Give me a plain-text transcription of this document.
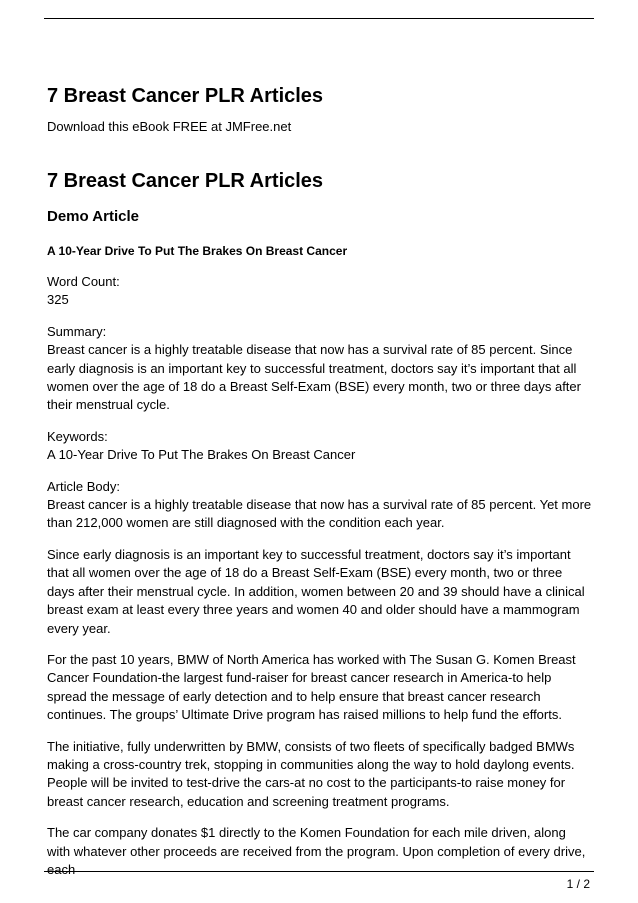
7 Breast Cancer PLR Articles

Download this eBook FREE at JMFree.net

7 Breast Cancer PLR Articles
Demo Article
A 10-Year Drive To Put The Brakes On Breast Cancer

Word Count:

325

Summary:

Breast cancer is a highly treatable disease that now has a survival rate of 85 percent. Since early diagnosis is an important key to successful treatment, doctors say it’s important that all women over the age of 18 do a Breast Self-Exam (BSE) every month, two or three days after their menstrual cycle.

Keywords:

A 10-Year Drive To Put The Brakes On Breast Cancer

Article Body:

Breast cancer is a highly treatable disease that now has a survival rate of 85 percent. Yet more than 212,000 women are still diagnosed with the condition each year.

Since early diagnosis is an important key to successful treatment, doctors say it’s important that all women over the age of 18 do a Breast Self-Exam (BSE) every month, two or three days after their menstrual cycle. In addition, women between 20 and 39 should have a clinical breast exam at least every three years and women 40 and older should have a mammogram every year.

For the past 10 years, BMW of North America has worked with The Susan G. Komen Breast Cancer Foundation-the largest fund-raiser for breast cancer research in America-to help spread the message of early detection and to help ensure that breast cancer research continues. The groups’ Ultimate Drive program has raised millions to help fund the efforts.

The initiative, fully underwritten by BMW, consists of two fleets of specifically badged BMWs making a cross-country trek, stopping in communities along the way to hold daylong events. People will be invited to test-drive the cars-at no cost to the participants-to raise money for breast cancer research, education and screening treatment programs.

The car company donates $1 directly to the Komen Foundation for each mile driven, along with whatever other proceeds are received from the program. Upon completion of every drive, each

1 / 2
